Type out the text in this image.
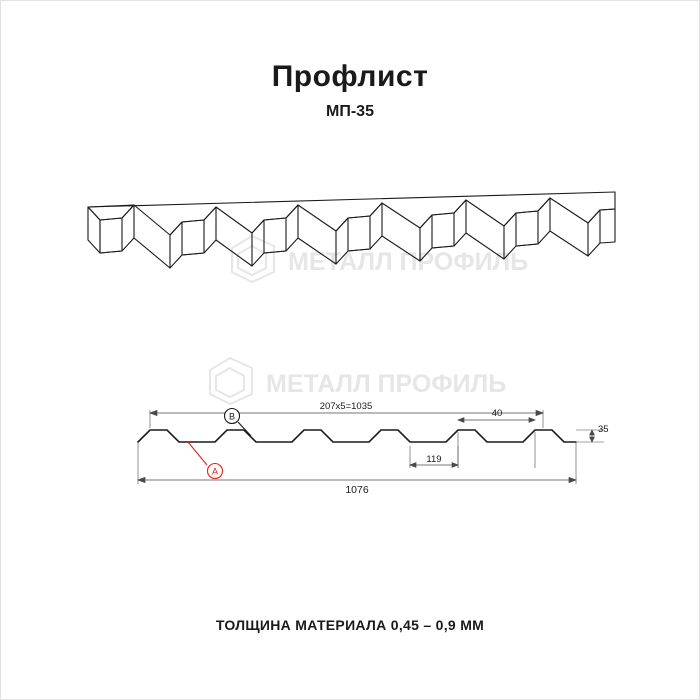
Профлист
МП-35
МЕТАЛЛ ПРОФИЛЬ
МЕТАЛЛ ПРОФИЛЬ
207х5=1035
1076
119
40
35
A
B
ТОЛЩИНА МАТЕРИАЛА 0,45 – 0,9 ММ
